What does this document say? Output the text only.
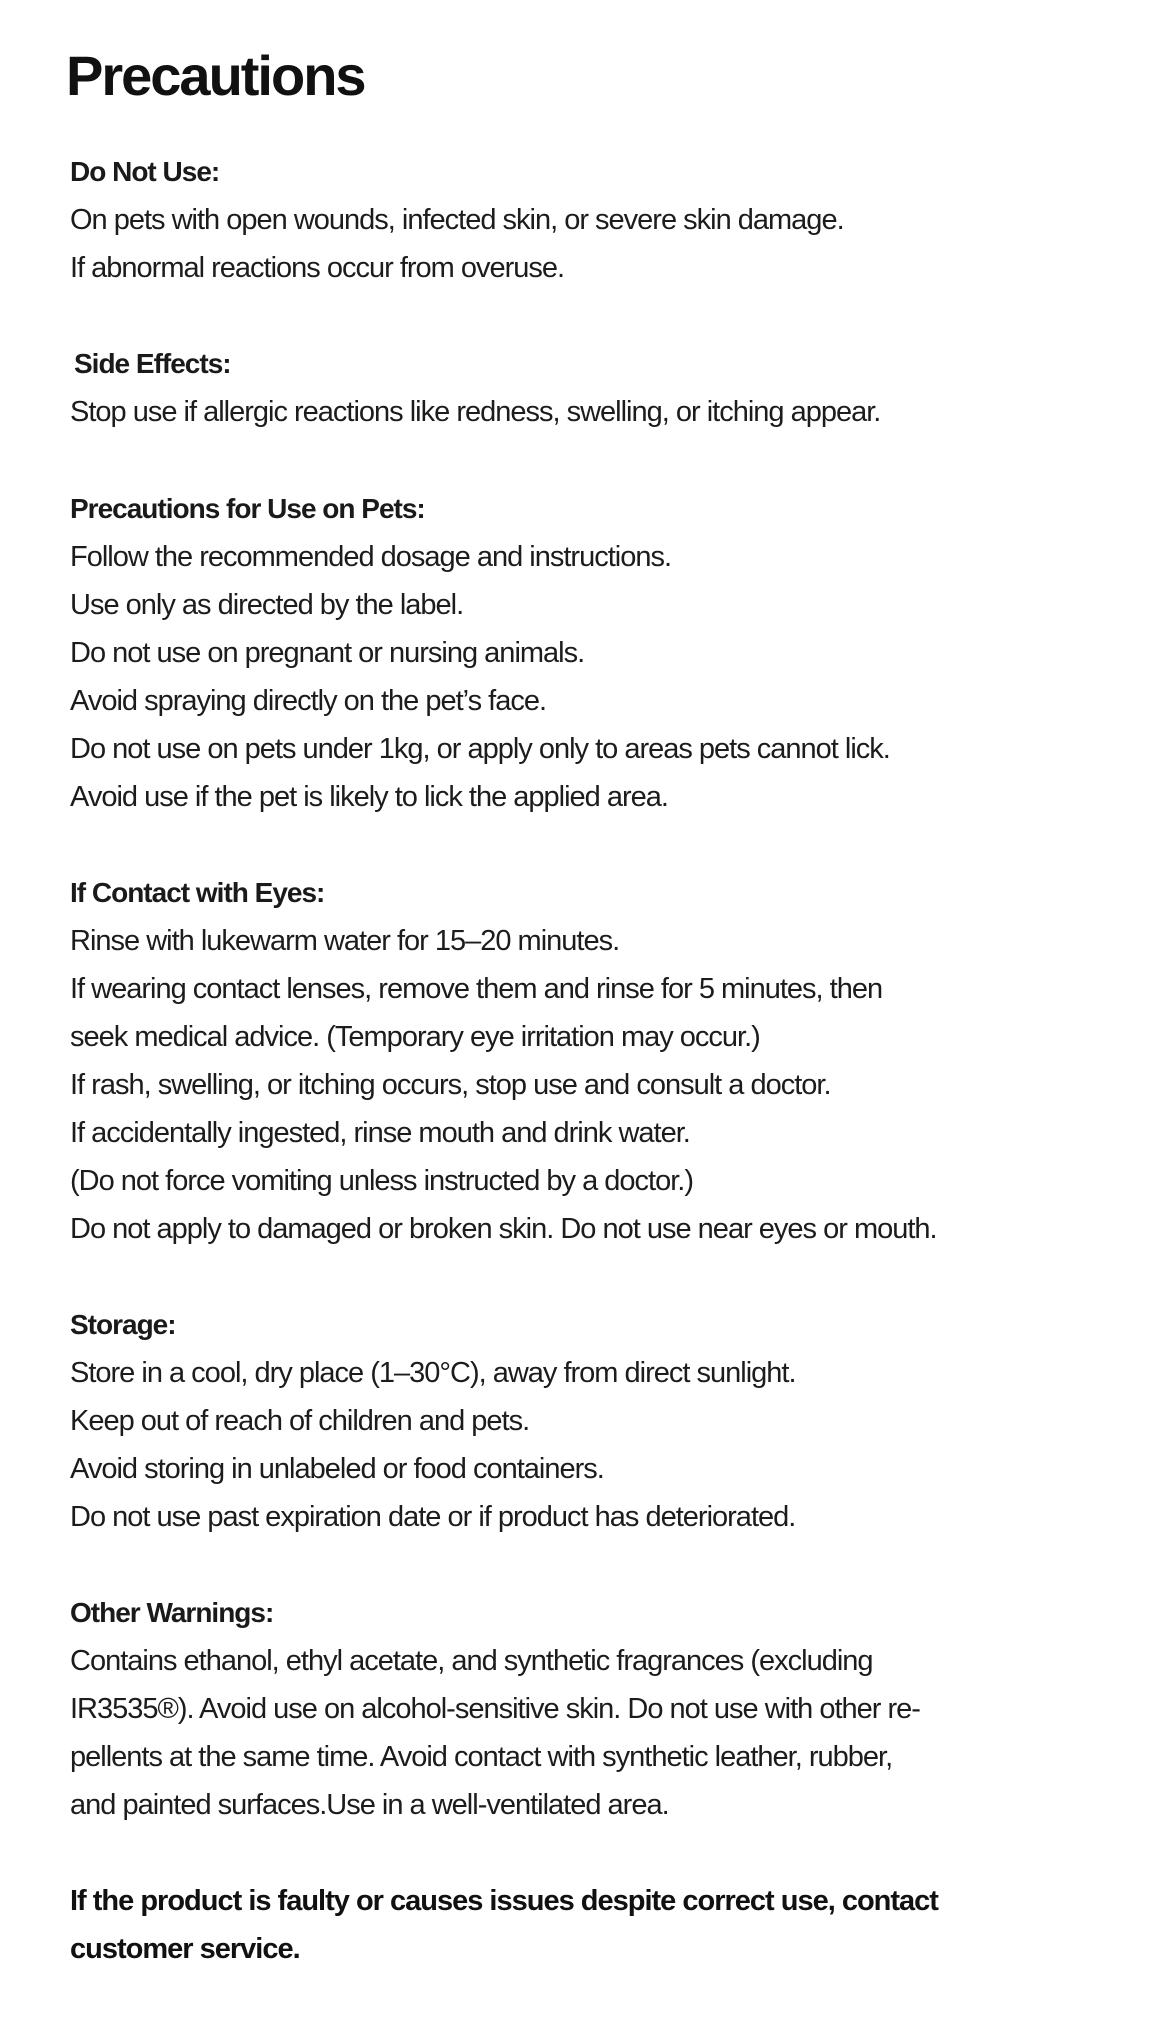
Precautions

Do Not Use:

On pets with open wounds, infected skin, or severe skin damage.

If abnormal reactions occur from overuse.

Side Effects:

Stop use if allergic reactions like redness, swelling, or itching appear.

Precautions for Use on Pets:

Follow the recommended dosage and instructions.

Use only as directed by the label.

Do not use on pregnant or nursing animals.

Avoid spraying directly on the pet’s face.

Do not use on pets under 1kg, or apply only to areas pets cannot lick.

Avoid use if the pet is likely to lick the applied area.

If Contact with Eyes:

Rinse with lukewarm water for 15–20 minutes.

If wearing contact lenses, remove them and rinse for 5 minutes, then

seek medical advice. (Temporary eye irritation may occur.)

If rash, swelling, or itching occurs, stop use and consult a doctor.

If accidentally ingested, rinse mouth and drink water.

(Do not force vomiting unless instructed by a doctor.)

Do not apply to damaged or broken skin. Do not use near eyes or mouth.

Storage:

Store in a cool, dry place (1–30°C), away from direct sunlight.

Keep out of reach of children and pets.

Avoid storing in unlabeled or food containers.

Do not use past expiration date or if product has deteriorated.

Other Warnings:

Contains ethanol, ethyl acetate, and synthetic fragrances (excluding

IR3535®). Avoid use on alcohol-sensitive skin. Do not use with other re-

pellents at the same time. Avoid contact with synthetic leather, rubber,

and painted surfaces.Use in a well-ventilated area.

If the product is faulty or causes issues despite correct use, contact

customer service.
